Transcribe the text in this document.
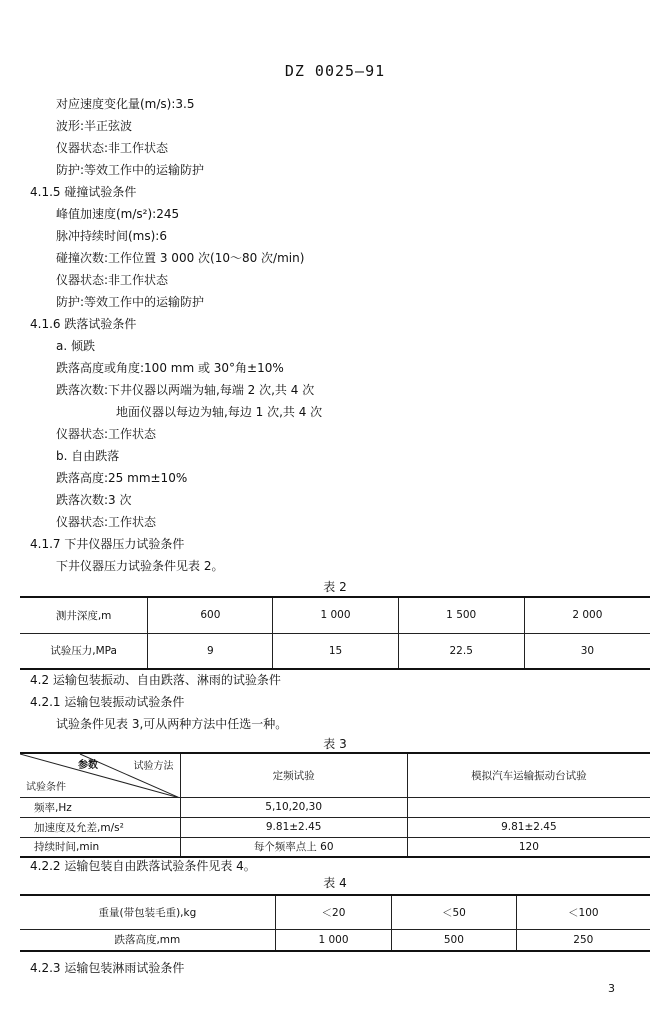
DZ 0025—91
对应速度变化量(m/s):3.5
波形:半正弦波
仪器状态:非工作状态
防护:等效工作中的运输防护
4.1.5 碰撞试验条件
峰值加速度(m/s²):245
脉冲持续时间(ms):6
碰撞次数:工作位置 3 000 次(10～80 次/min)
仪器状态:非工作状态
防护:等效工作中的运输防护
4.1.6 跌落试验条件
a. 倾跌
跌落高度或角度:100 mm 或 30°角±10%
跌落次数:下井仪器以两端为轴,每端 2 次,共 4 次
地面仪器以每边为轴,每边 1 次,共 4 次
仪器状态:工作状态
b. 自由跌落
跌落高度:25 mm±10%
跌落次数:3 次
仪器状态:工作状态
4.1.7 下井仪器压力试验条件
下井仪器压力试验条件见表 2。
表 2
测井深度,m	600	1 000	1 500	2 000
试验压力,MPa	9	15	22.5	30
4.2 运输包装振动、自由跌落、淋雨的试验条件
4.2.1 运输包装振动试验条件
试验条件见表 3,可从两种方法中任选一种。
表 3
试验方法
参数
试验条件	定频试验	模拟汽车运输振动台试验
频率,Hz	5,10,20,30	
加速度及允差,m/s²	9.81±2.45	9.81±2.45
持续时间,min	每个频率点上 60	120
4.2.2 运输包装自由跌落试验条件见表 4。
表 4
重量(带包装毛重),kg	＜20	＜50	＜100
跌落高度,mm	1 000	500	250
4.2.3 运输包装淋雨试验条件
3
